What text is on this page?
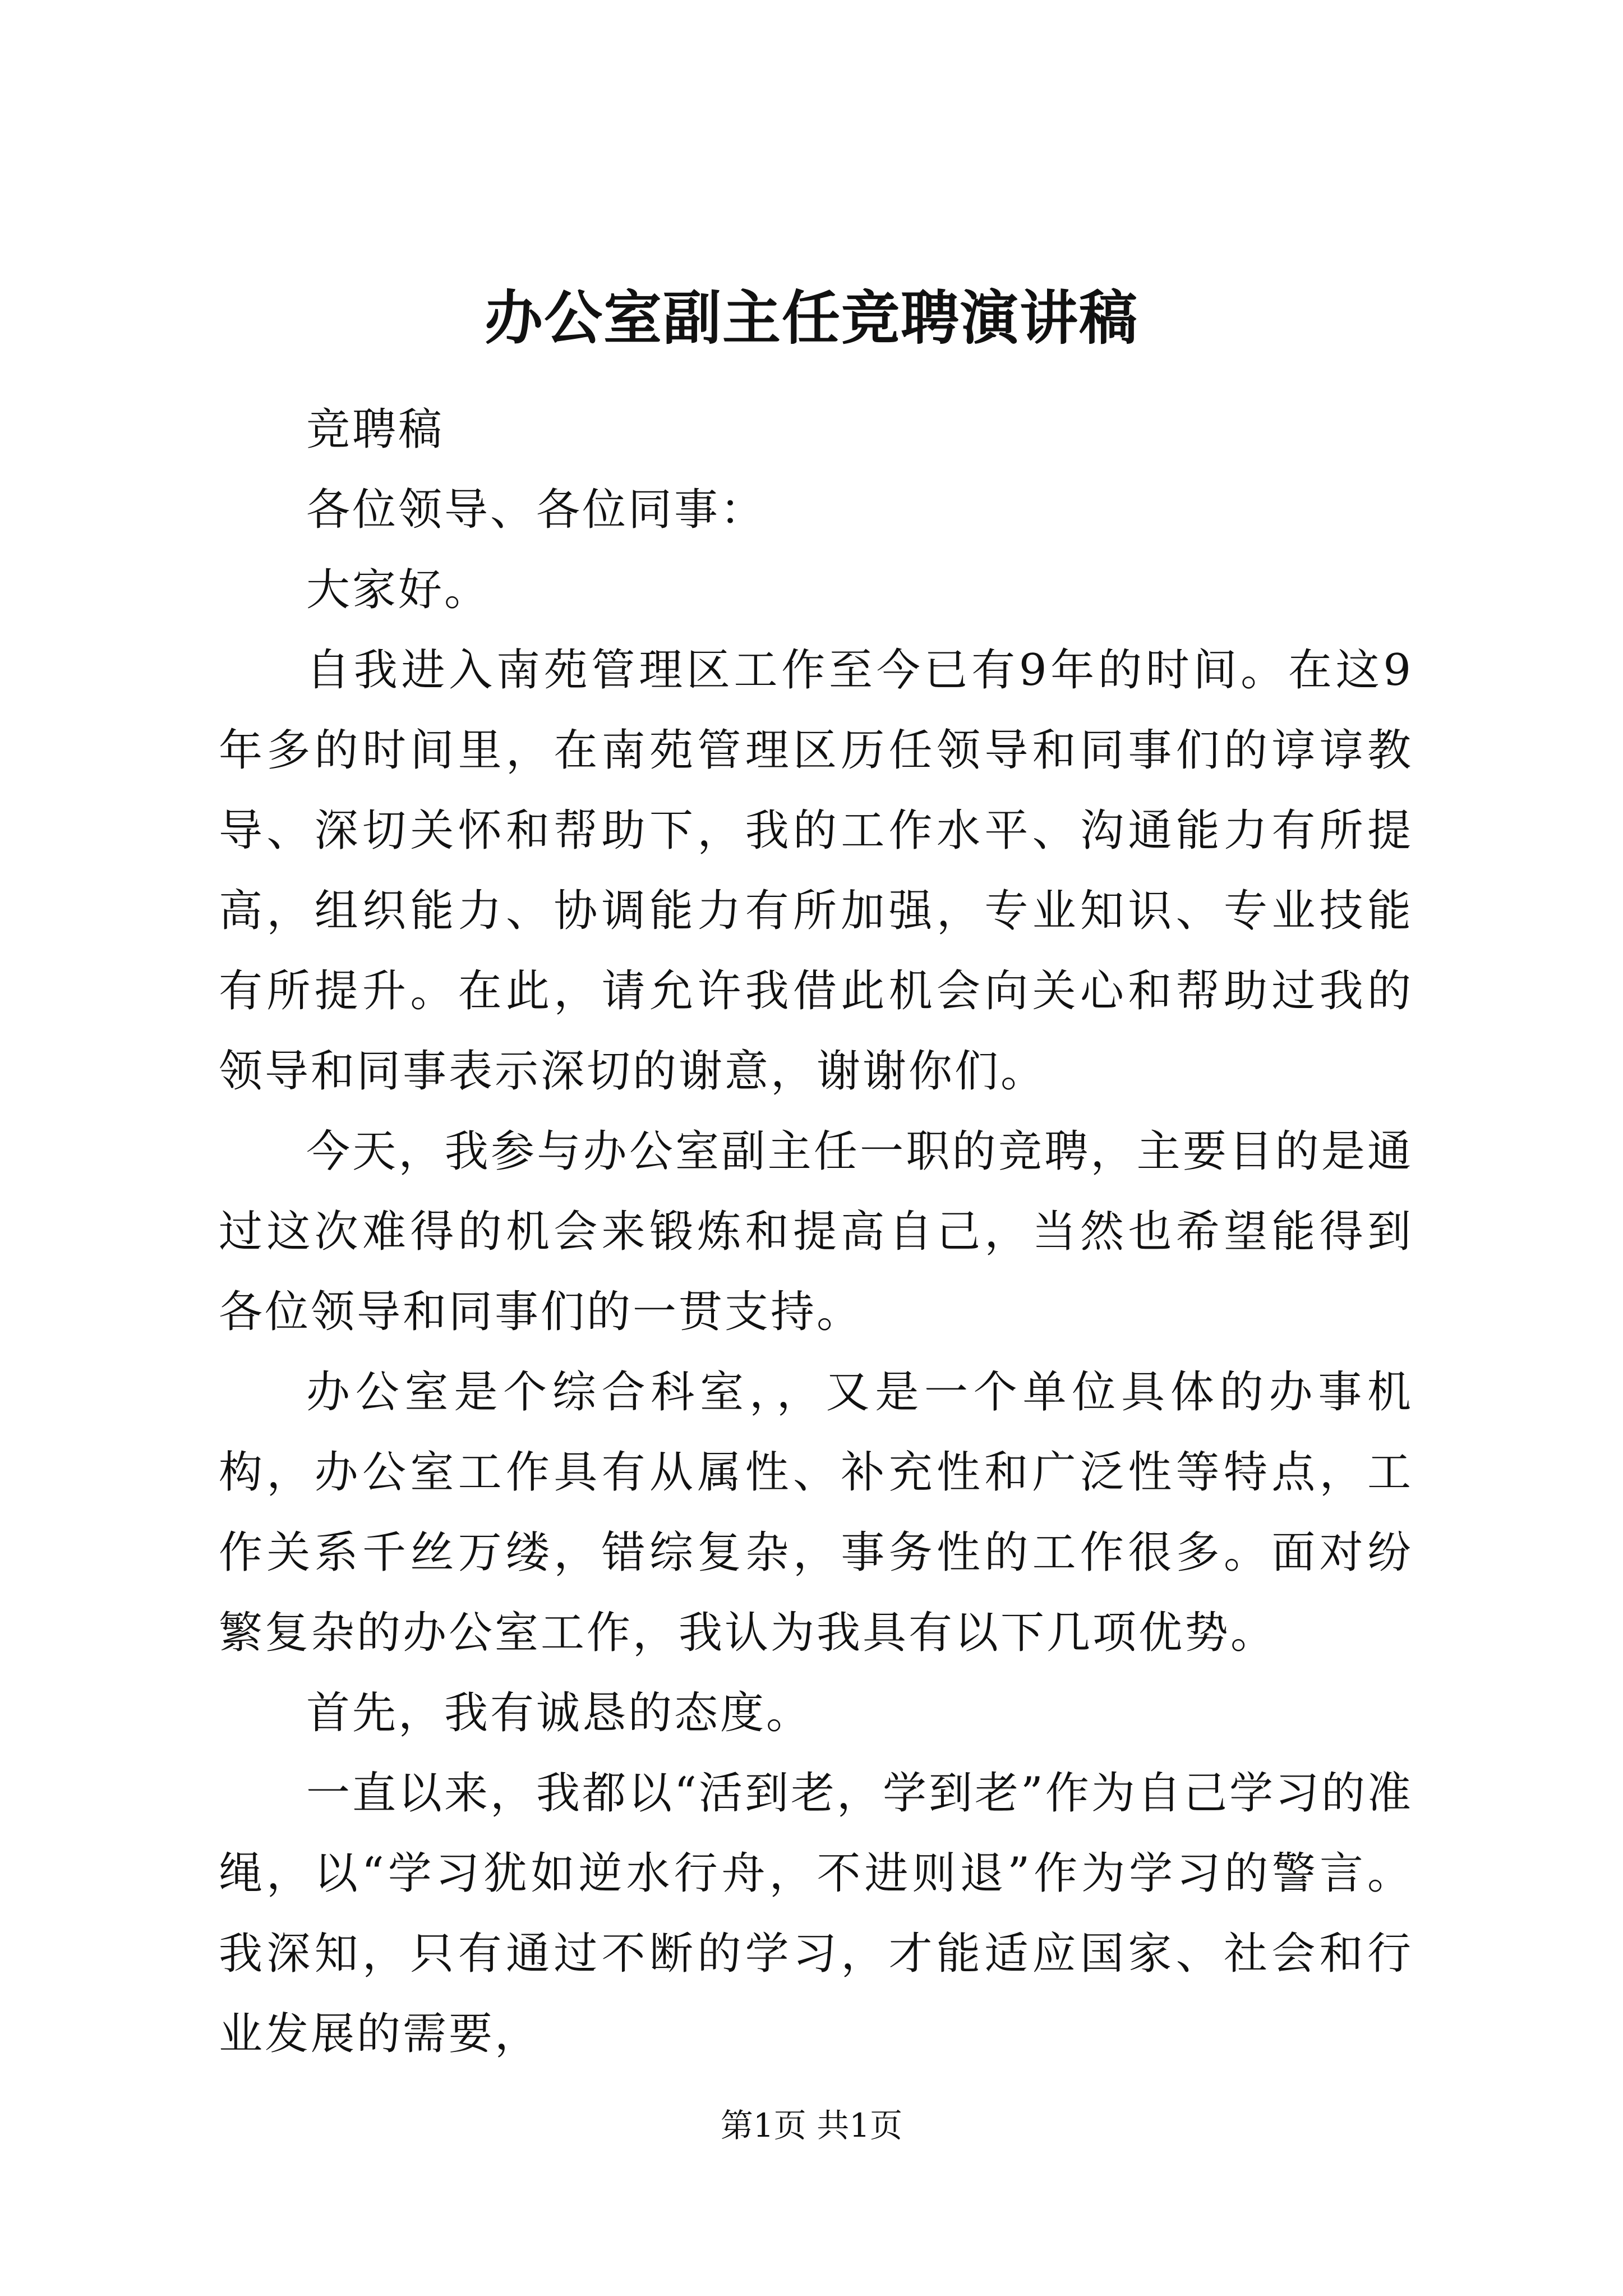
办公室副主任竞聘演讲稿

竞聘稿

各位领导、各位同事：

大家好。

自我进入南苑管理区工作至今已有9年的时间。在这9年多的时间里，在南苑管理区历任领导和同事们的谆谆教导、深切关怀和帮助下，我的工作水平、沟通能力有所提高，组织能力、协调能力有所加强，专业知识、专业技能有所提升。在此，请允许我借此机会向关心和帮助过我的领导和同事表示深切的谢意，谢谢你们。

今天，我参与办公室副主任一职的竞聘，主要目的是通过这次难得的机会来锻炼和提高自己，当然也希望能得到各位领导和同事们的一贯支持。

办公室是个综合科室，，又是一个单位具体的办事机构，办公室工作具有从属性、补充性和广泛性等特点，工作关系千丝万缕，错综复杂，事务性的工作很多。面对纷繁复杂的办公室工作，我认为我具有以下几项优势。

首先，我有诚恳的态度。

一直以来，我都以“活到老，学到老”作为自己学习的准绳，以“学习犹如逆水行舟，不进则退”作为学习的警言。我深知，只有通过不断的学习，才能适应国家、社会和行业发展的需要，

第1页 共1页
